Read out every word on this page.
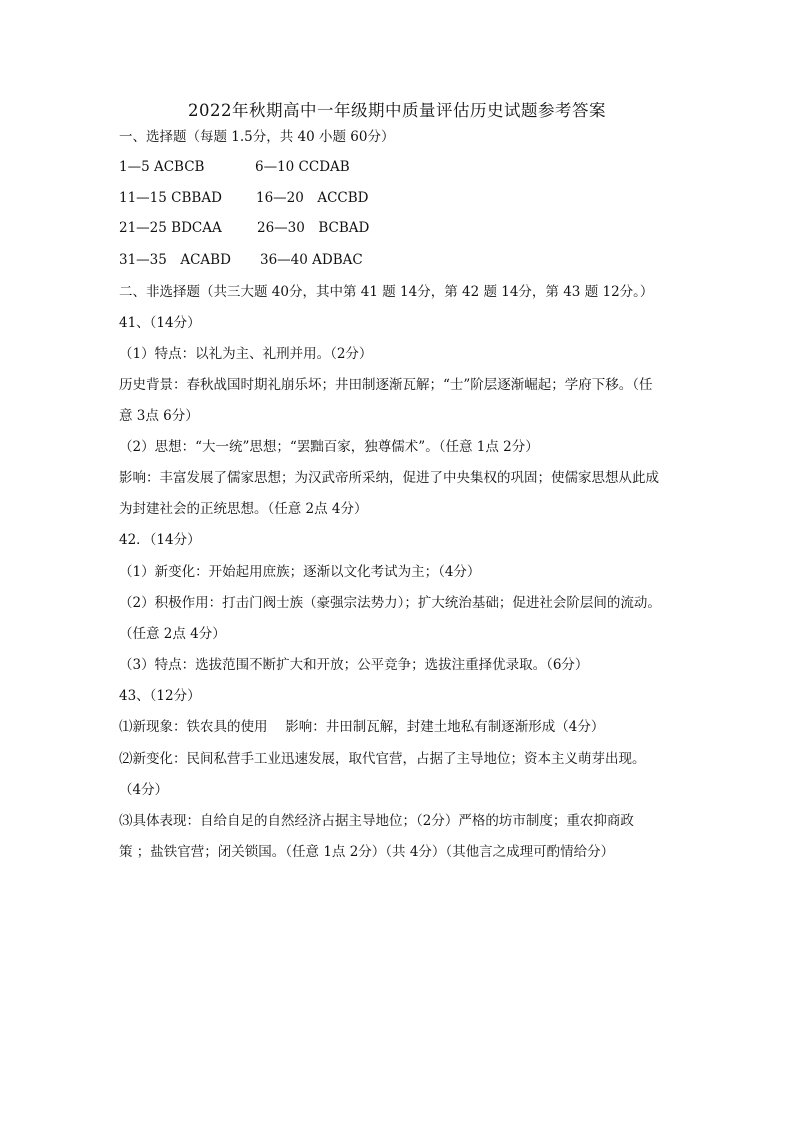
2022年秋期高中一年级期中质量评估历史试题参考答案
一、选择题（每题 1.5分，共 40 小题 60分）
1—5 ACBCB	6—10 CCDAB
11—15 CBBAD	16—20　ACCBD
21—25 BDCAA	26—30　BCBAD
31—35　ACABD 36—40 ADBAC
二、非选择题（共三大题 40分，其中第 41 题 14分，第 42 题 14分，第 43 题 12分。）
41、（14分）
（1）特点：以礼为主、礼刑并用。（2分）
历史背景：春秋战国时期礼崩乐坏；井田制逐渐瓦解；“士”阶层逐渐崛起；学府下移。（任
意 3点 6分）
（2）思想：“大一统”思想；“罢黜百家，独尊儒术”。（任意 1点 2分）
影响：丰富发展了儒家思想；为汉武帝所采纳，促进了中央集权的巩固；使儒家思想从此成
为封建社会的正统思想。（任意 2点 4分）
42．（14分）
（1）新变化：开始起用庶族；逐渐以文化考试为主；（4分）
（2）积极作用：打击门阀士族（豪强宗法势力）；扩大统治基础；促进社会阶层间的流动。
（任意 2点 4分）
（3）特点：选拔范围不断扩大和开放；公平竞争；选拔注重择优录取。（6分）
43、（12分）
⑴新现象：铁农具的使用　 影响：井田制瓦解，封建土地私有制逐渐形成（4分）
⑵新变化：民间私营手工业迅速发展，取代官营，占据了主导地位；资本主义萌芽出现。
（4分）
⑶具体表现：自给自足的自然经济占据主导地位；（2分）严格的坊市制度；重农抑商政
策 ；盐铁官营；闭关锁国。（任意 1点 2分）（共 4分）（其他言之成理可酌情给分）
